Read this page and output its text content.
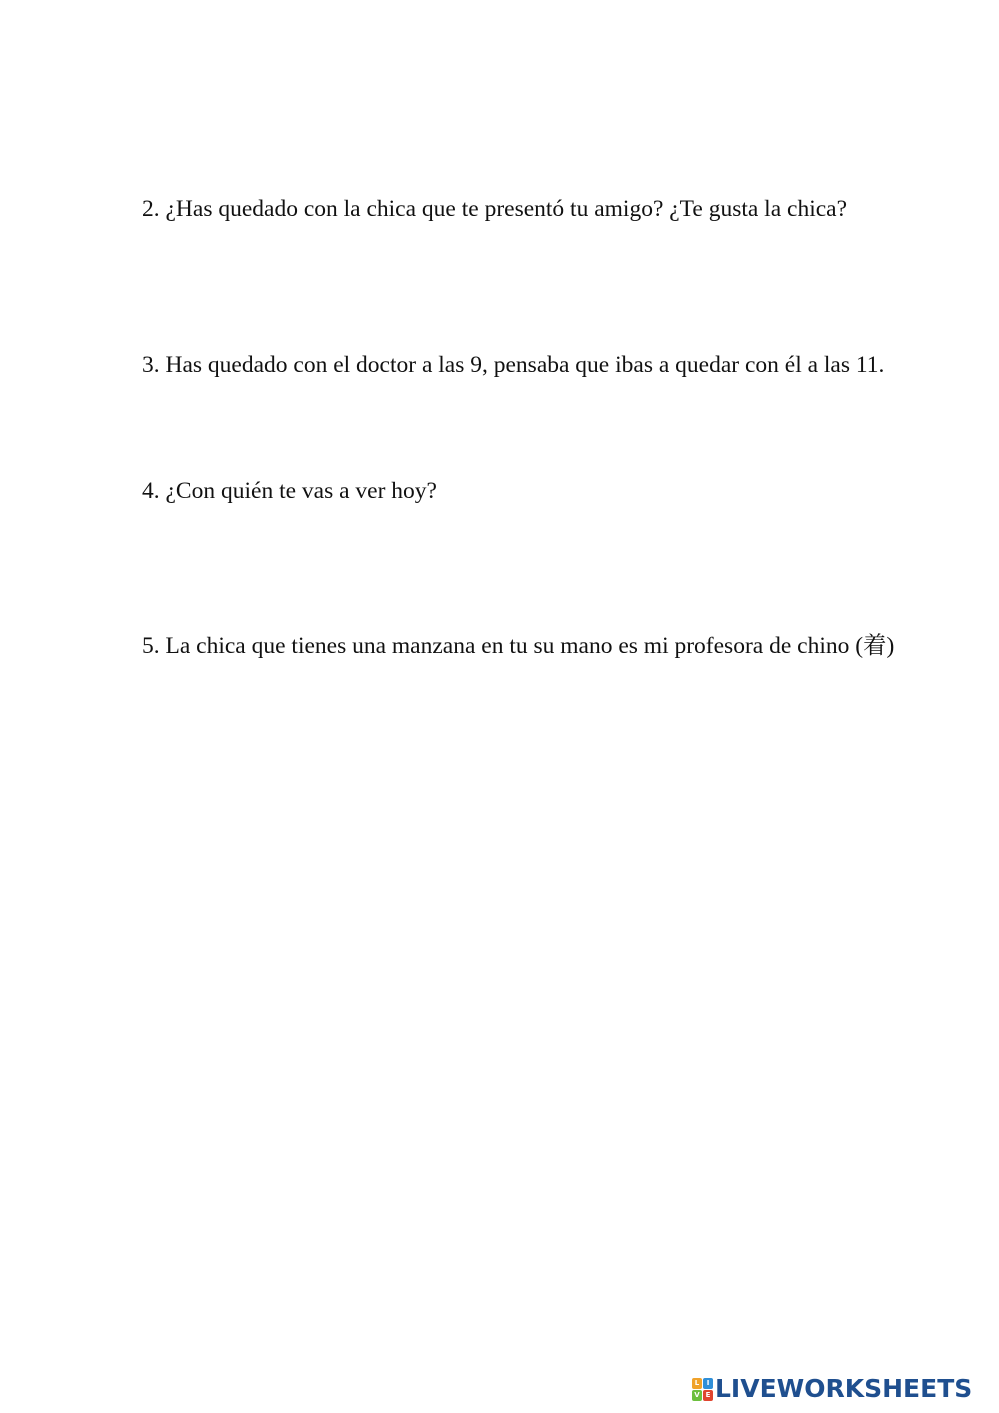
2. ¿Has quedado con la chica que te presentó tu amigo? ¿Te gusta la chica?

3. Has quedado con el doctor a las 9, pensaba que ibas a quedar con él a las 11.

4. ¿Con quién te vas a ver hoy?

5. La chica que tienes una manzana en tu su mano es mi profesora de chino (着)

L	I
V E LIVEWORKSHEETS
